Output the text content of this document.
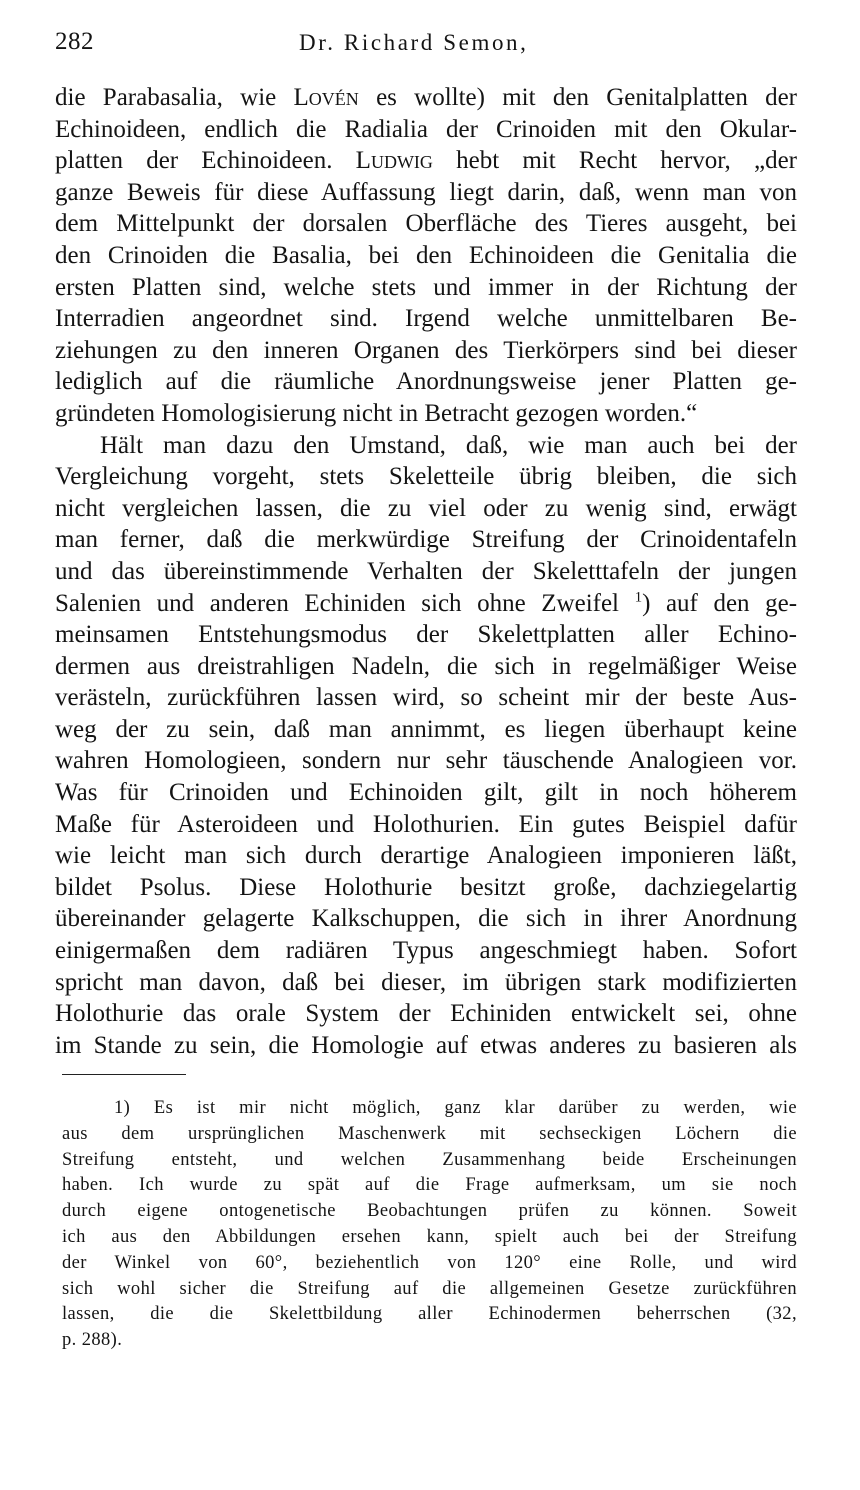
282	Dr. Richard Semon,
die Parabasalia, wie Lovén es wollte) mit den Genitalplatten der
Echinoideen, endlich die Radialia der Crinoiden mit den Okular-
platten der Echinoideen. Ludwig hebt mit Recht hervor, „der
ganze Beweis für diese Auffassung liegt darin, daß, wenn man von
dem Mittelpunkt der dorsalen Oberfläche des Tieres ausgeht, bei
den Crinoiden die Basalia, bei den Echinoideen die Genitalia die
ersten Platten sind, welche stets und immer in der Richtung der
Interradien angeordnet sind. Irgend welche unmittelbaren Be-
ziehungen zu den inneren Organen des Tierkörpers sind bei dieser
lediglich auf die räumliche Anordnungsweise jener Platten ge-
gründeten Homologisierung nicht in Betracht gezogen worden.“
Hält man dazu den Umstand, daß, wie man auch bei der
Vergleichung vorgeht, stets Skeletteile übrig bleiben, die sich
nicht vergleichen lassen, die zu viel oder zu wenig sind, erwägt
man ferner, daß die merkwürdige Streifung der Crinoidentafeln
und das übereinstimmende Verhalten der Skeletttafeln der jungen
Salenien und anderen Echiniden sich ohne Zweifel $^1$) auf den ge-
meinsamen Entstehungsmodus der Skelettplatten aller Echino-
dermen aus dreistrahligen Nadeln, die sich in regelmäßiger Weise
verästeln, zurückführen lassen wird, so scheint mir der beste Aus-
weg der zu sein, daß man annimmt, es liegen überhaupt keine
wahren Homologieen, sondern nur sehr täuschende Analogieen vor.
Was für Crinoiden und Echinoiden gilt, gilt in noch höherem
Maße für Asteroideen und Holothurien. Ein gutes Beispiel dafür
wie leicht man sich durch derartige Analogieen imponieren läßt,
bildet Psolus. Diese Holothurie besitzt große, dachziegelartig
übereinander gelagerte Kalkschuppen, die sich in ihrer Anordnung
einigermaßen dem radiären Typus angeschmiegt haben. Sofort
spricht man davon, daß bei dieser, im übrigen stark modifizierten
Holothurie das orale System der Echiniden entwickelt sei, ohne
im Stande zu sein, die Homologie auf etwas anderes zu basieren als
1) Es ist mir nicht möglich, ganz klar darüber zu werden, wie
aus dem ursprünglichen Maschenwerk mit sechseckigen Löchern die
Streifung entsteht, und welchen Zusammenhang beide Erscheinungen
haben. Ich wurde zu spät auf die Frage aufmerksam, um sie noch
durch eigene ontogenetische Beobachtungen prüfen zu können. Soweit
ich aus den Abbildungen ersehen kann, spielt auch bei der Streifung
der Winkel von 60°, beziehentlich von 120° eine Rolle, und wird
sich wohl sicher die Streifung auf die allgemeinen Gesetze zurückführen
lassen, die die Skelettbildung aller Echinodermen beherrschen (32,
p. 288).
